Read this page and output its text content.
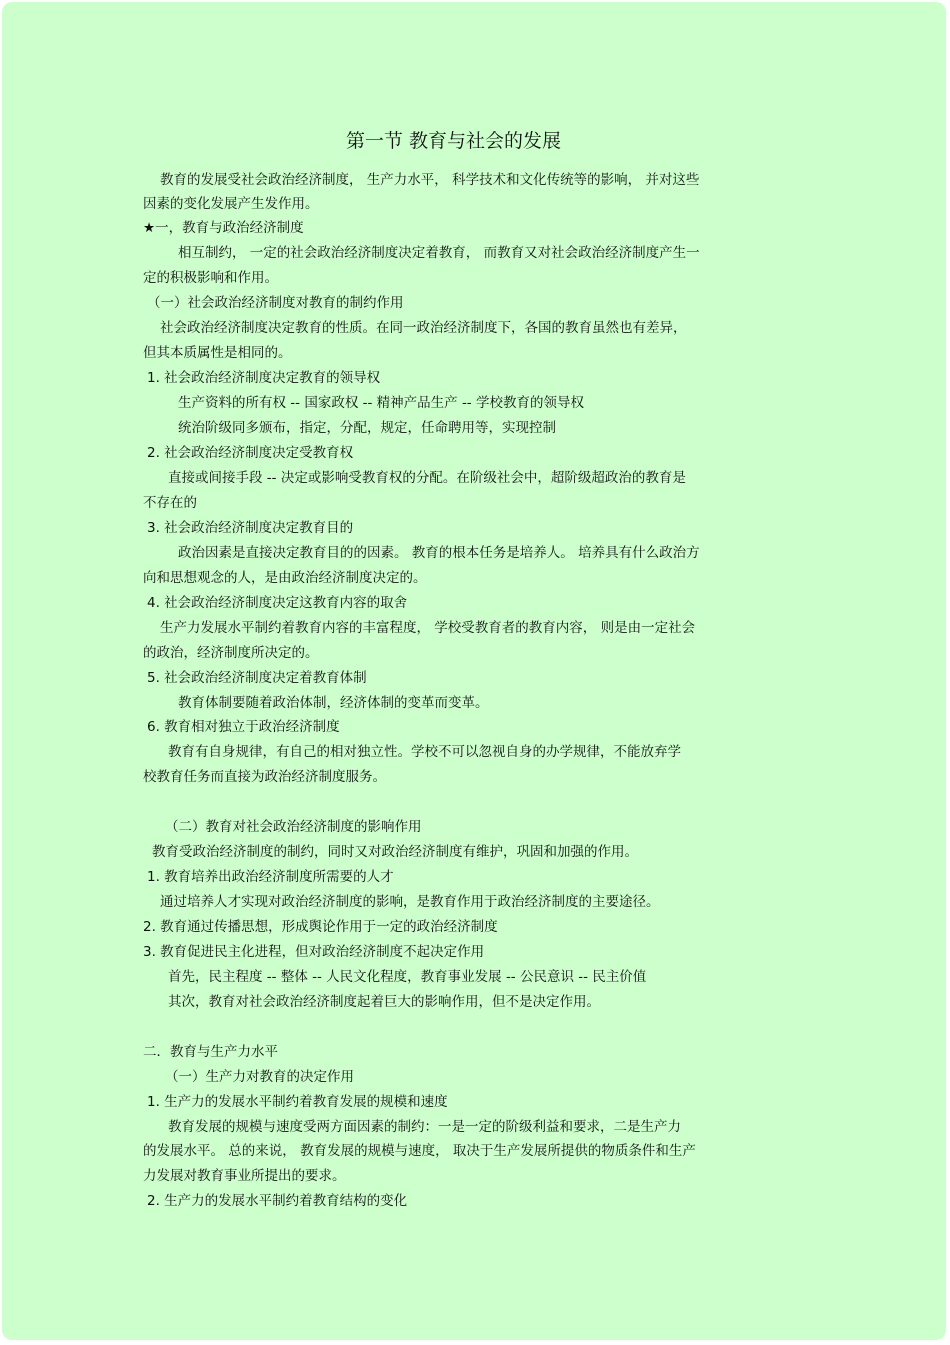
第一节 教育与社会的发展
教育的发展受社会政治经济制度， 生产力水平， 科学技术和文化传统等的影响， 并对这些
因素的变化发展产生发作用。
★一，教育与政治经济制度
相互制约， 一定的社会政治经济制度决定着教育， 而教育又对社会政治经济制度产生一
定的积极影响和作用。
（一）社会政治经济制度对教育的制约作用
社会政治经济制度决定教育的性质。在同一政治经济制度下，各国的教育虽然也有差异，
但其本质属性是相同的。
1. 社会政治经济制度决定教育的领导权
生产资料的所有权 -- 国家政权 -- 精神产品生产 -- 学校教育的领导权
统治阶级同多颁布，指定，分配，规定，任命聘用等，实现控制
2. 社会政治经济制度决定受教育权
直接或间接手段 -- 决定或影响受教育权的分配。在阶级社会中，超阶级超政治的教育是
不存在的
3. 社会政治经济制度决定教育目的
政治因素是直接决定教育目的的因素。 教育的根本任务是培养人。 培养具有什么政治方
向和思想观念的人，是由政治经济制度决定的。
4. 社会政治经济制度决定这教育内容的取舍
生产力发展水平制约着教育内容的丰富程度， 学校受教育者的教育内容， 则是由一定社会
的政治，经济制度所决定的。
5. 社会政治经济制度决定着教育体制
教育体制要随着政治体制，经济体制的变革而变革。
6. 教育相对独立于政治经济制度
教育有自身规律，有自己的相对独立性。学校不可以忽视自身的办学规律，不能放弃学
校教育任务而直接为政治经济制度服务。
（二）教育对社会政治经济制度的影响作用
教育受政治经济制度的制约，同时又对政治经济制度有维护，巩固和加强的作用。
1. 教育培养出政治经济制度所需要的人才
通过培养人才实现对政治经济制度的影响，是教育作用于政治经济制度的主要途径。
2. 教育通过传播思想，形成舆论作用于一定的政治经济制度
3. 教育促进民主化进程，但对政治经济制度不起决定作用
首先，民主程度 -- 整体 -- 人民文化程度，教育事业发展 -- 公民意识 -- 民主价值
其次，教育对社会政治经济制度起着巨大的影响作用，但不是决定作用。
二．教育与生产力水平
（一）生产力对教育的决定作用
1. 生产力的发展水平制约着教育发展的规模和速度
教育发展的规模与速度受两方面因素的制约：一是一定的阶级利益和要求，二是生产力
的发展水平。 总的来说， 教育发展的规模与速度， 取决于生产发展所提供的物质条件和生产
力发展对教育事业所提出的要求。
2. 生产力的发展水平制约着教育结构的变化
